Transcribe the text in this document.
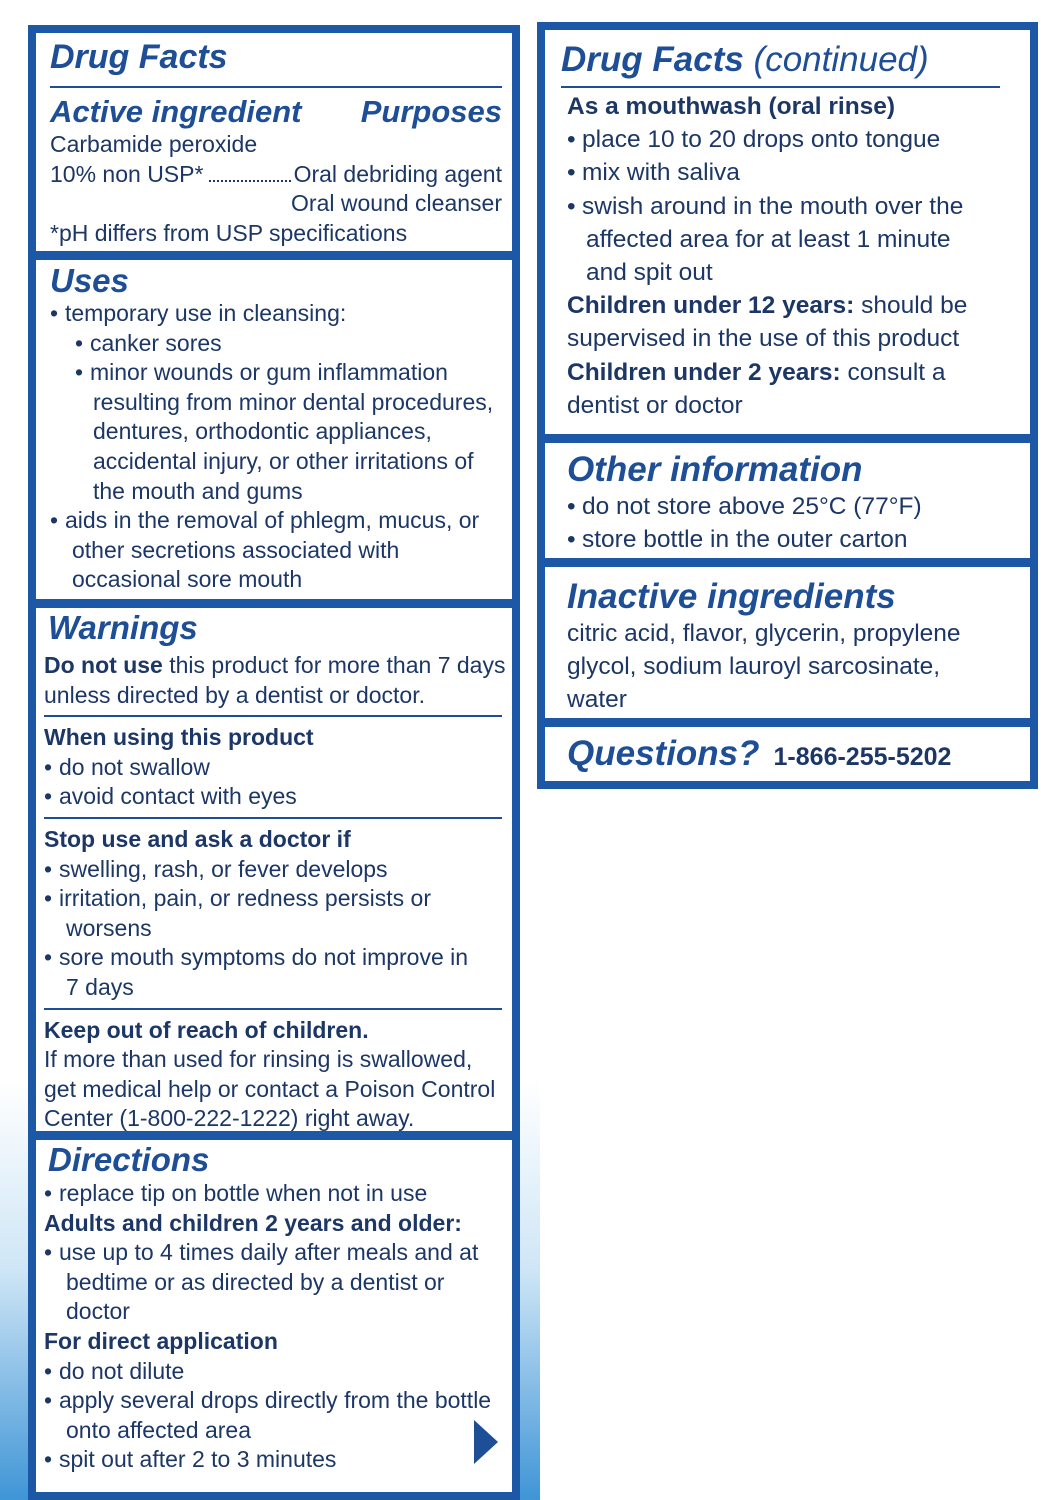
Drug Facts
Active ingredient Purposes
Carbamide peroxide
10% non USP*	Oral debriding agent
Oral wound cleanser
*pH differs from USP specifications
Uses
• temporary use in cleansing:
• canker sores
• minor wounds or gum inflammation
resulting from minor dental procedures,
dentures, orthodontic appliances,
accidental injury, or other irritations of
the mouth and gums
• aids in the removal of phlegm, mucus, or
other secretions associated with
occasional sore mouth
Warnings
Do not use this product for more than 7 days
unless directed by a dentist or doctor.
When using this product
• do not swallow
• avoid contact with eyes
Stop use and ask a doctor if
• swelling, rash, or fever develops
• irritation, pain, or redness persists or
worsens
• sore mouth symptoms do not improve in
7 days
Keep out of reach of children.
If more than used for rinsing is swallowed,
get medical help or contact a Poison Control
Center (1-800-222-1222) right away.
Directions
• replace tip on bottle when not in use
Adults and children 2 years and older:
• use up to 4 times daily after meals and at
bedtime or as directed by a dentist or
doctor
For direct application
• do not dilute
• apply several drops directly from the bottle
onto affected area
• spit out after 2 to 3 minutes
Drug Facts (continued)
As a mouthwash (oral rinse)
• place 10 to 20 drops onto tongue
• mix with saliva
• swish around in the mouth over the
affected area for at least 1 minute
and spit out
Children under 12 years: should be
supervised in the use of this product
Children under 2 years: consult a
dentist or doctor
Other information
• do not store above 25°C (77°F)
• store bottle in the outer carton
Inactive ingredients
citric acid, flavor, glycerin, propylene
glycol, sodium lauroyl sarcosinate,
water
Questions? 1-866-255-5202
